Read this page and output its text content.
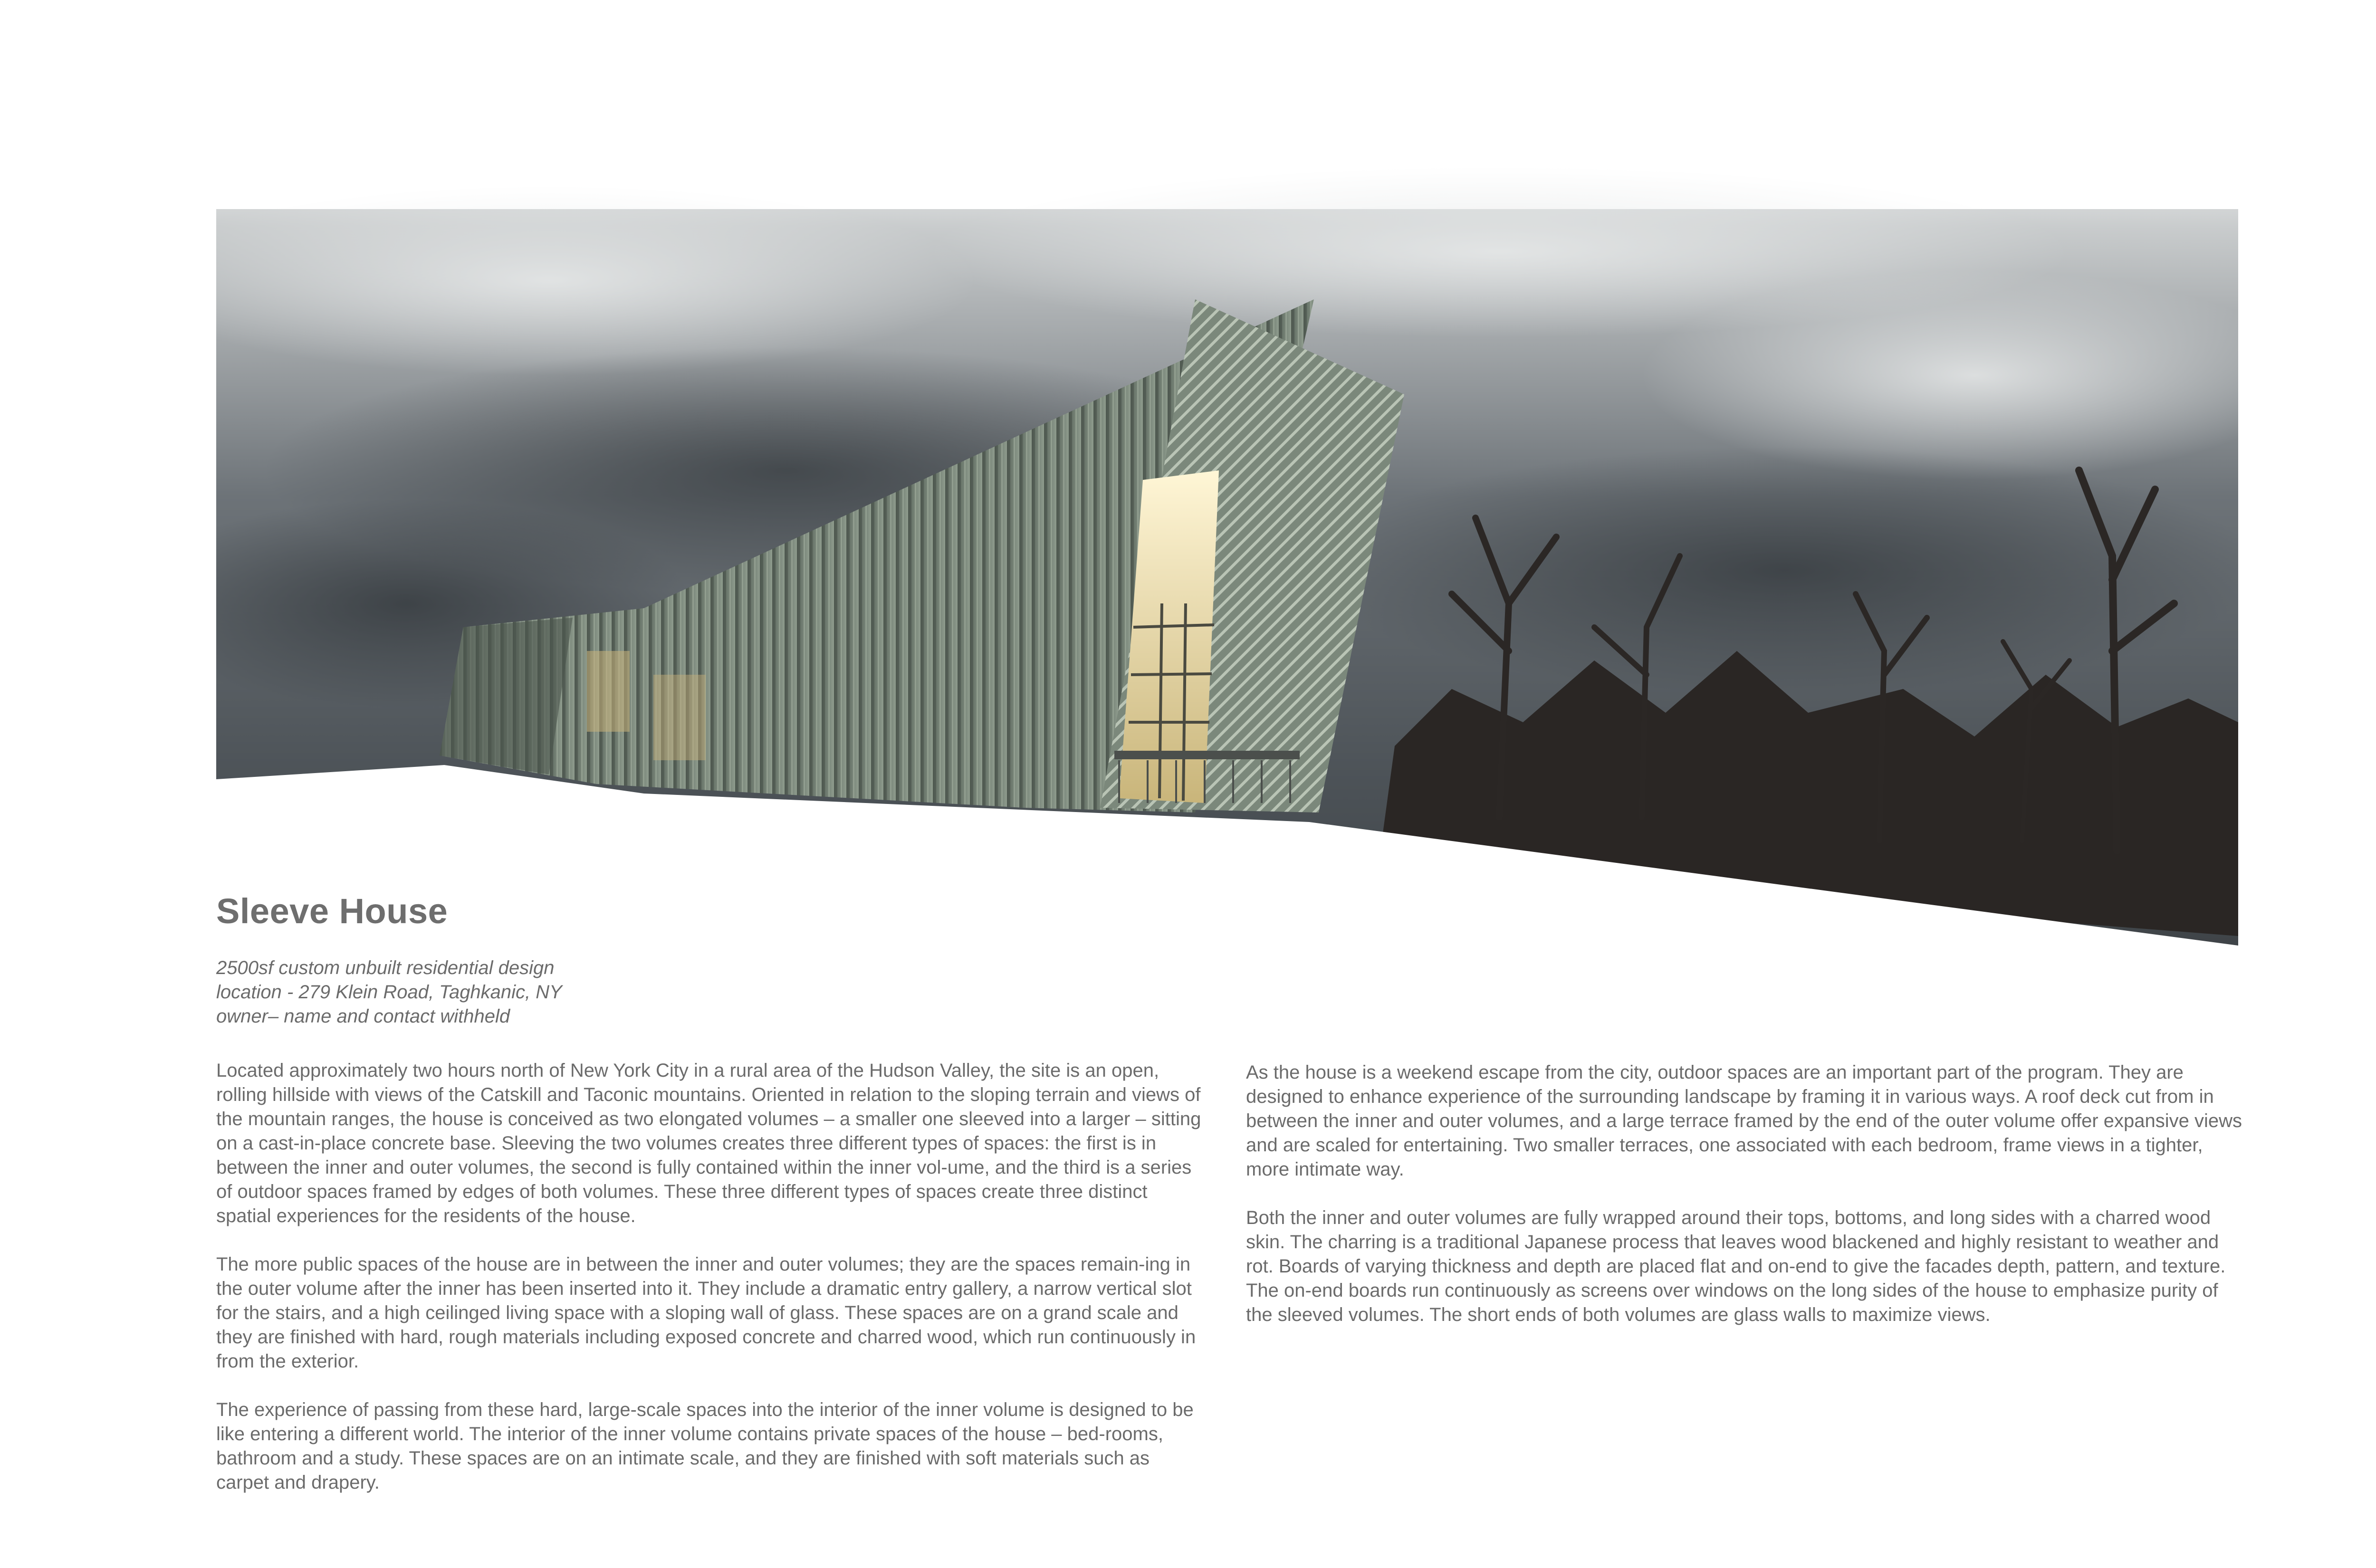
Sleeve House
2500sf custom unbuilt residential design
location - 279 Klein Road, Taghkanic, NY
owner– name and contact withheld

Located approximately two hours north of New York City in a rural area of the Hudson Valley, the site is an open, rolling hillside with views of the Catskill and Taconic mountains. Oriented in relation to the sloping terrain and views of the mountain ranges, the house is conceived as two elongated volumes – a smaller one sleeved into a larger – sitting on a cast-in-place concrete base. Sleeving the two volumes creates three different types of spaces: the first is in between the inner and outer volumes, the second is fully contained within the inner vol-ume, and the third is a series of outdoor spaces framed by edges of both volumes. These three different types of spaces create three distinct spatial experiences for the residents of the house.

The more public spaces of the house are in between the inner and outer volumes; they are the spaces remain-ing in the outer volume after the inner has been inserted into it. They include a dramatic entry gallery, a narrow vertical slot for the stairs, and a high ceilinged living space with a sloping wall of glass. These spaces are on a grand scale and they are finished with hard, rough materials including exposed concrete and charred wood, which run continuously in from the exterior.

The experience of passing from these hard, large-scale spaces into the interior of the inner volume is designed to be like entering a different world. The interior of the inner volume contains private spaces of the house – bed-rooms, bathroom and a study. These spaces are on an intimate scale, and they are finished with soft materials such as carpet and drapery.

As the house is a weekend escape from the city, outdoor spaces are an important part of the program. They are designed to enhance experience of the surrounding landscape by framing it in various ways. A roof deck cut from in between the inner and outer volumes, and a large terrace framed by the end of the outer volume offer expansive views and are scaled for entertaining. Two smaller terraces, one associated with each bedroom, frame views in a tighter, more intimate way.

Both the inner and outer volumes are fully wrapped around their tops, bottoms, and long sides with a charred wood skin. The charring is a traditional Japanese process that leaves wood blackened and highly resistant to weather and rot. Boards of varying thickness and depth are placed flat and on-end to give the facades depth, pattern, and texture. The on-end boards run continuously as screens over windows on the long sides of the house to emphasize purity of the sleeved volumes. The short ends of both volumes are glass walls to maximize views.
